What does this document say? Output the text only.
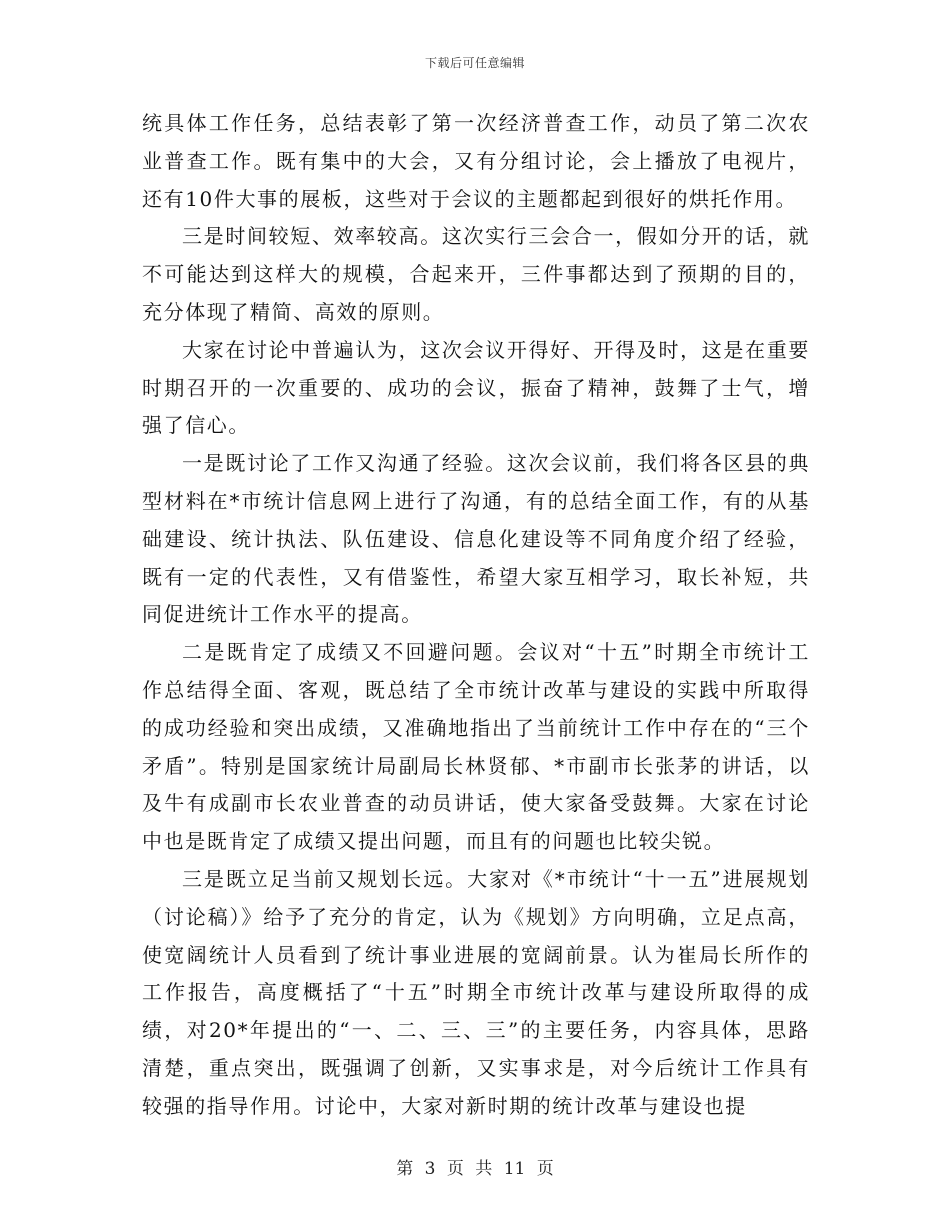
下载后可任意编辑

统具体工作任务，总结表彰了第一次经济普查工作，动员了第二次农业普查工作。既有集中的大会，又有分组讨论，会上播放了电视片，还有10件大事的展板，这些对于会议的主题都起到很好的烘托作用。

三是时间较短、效率较高。这次实行三会合一，假如分开的话，就不可能达到这样大的规模，合起来开，三件事都达到了预期的目的，充分体现了精简、高效的原则。

大家在讨论中普遍认为，这次会议开得好、开得及时，这是在重要时期召开的一次重要的、成功的会议，振奋了精神，鼓舞了士气，增强了信心。

一是既讨论了工作又沟通了经验。这次会议前，我们将各区县的典型材料在*市统计信息网上进行了沟通，有的总结全面工作，有的从基础建设、统计执法、队伍建设、信息化建设等不同角度介绍了经验，既有一定的代表性，又有借鉴性，希望大家互相学习，取长补短，共同促进统计工作水平的提高。

二是既肯定了成绩又不回避问题。会议对“十五”时期全市统计工作总结得全面、客观，既总结了全市统计改革与建设的实践中所取得的成功经验和突出成绩，又准确地指出了当前统计工作中存在的“三个矛盾”。特别是国家统计局副局长林贤郁、*市副市长张茅的讲话，以及牛有成副市长农业普查的动员讲话，使大家备受鼓舞。大家在讨论中也是既肯定了成绩又提出问题，而且有的问题也比较尖锐。

三是既立足当前又规划长远。大家对《*市统计“十一五”进展规划（讨论稿）》给予了充分的肯定，认为《规划》方向明确，立足点高，使宽阔统计人员看到了统计事业进展的宽阔前景。认为崔局长所作的工作报告，高度概括了“十五”时期全市统计改革与建设所取得的成绩，对20*年提出的“一、二、三、三”的主要任务，内容具体，思路清楚，重点突出，既强调了创新，又实事求是，对今后统计工作具有较强的指导作用。讨论中，大家对新时期的统计改革与建设也提

第 3 页 共 11 页
